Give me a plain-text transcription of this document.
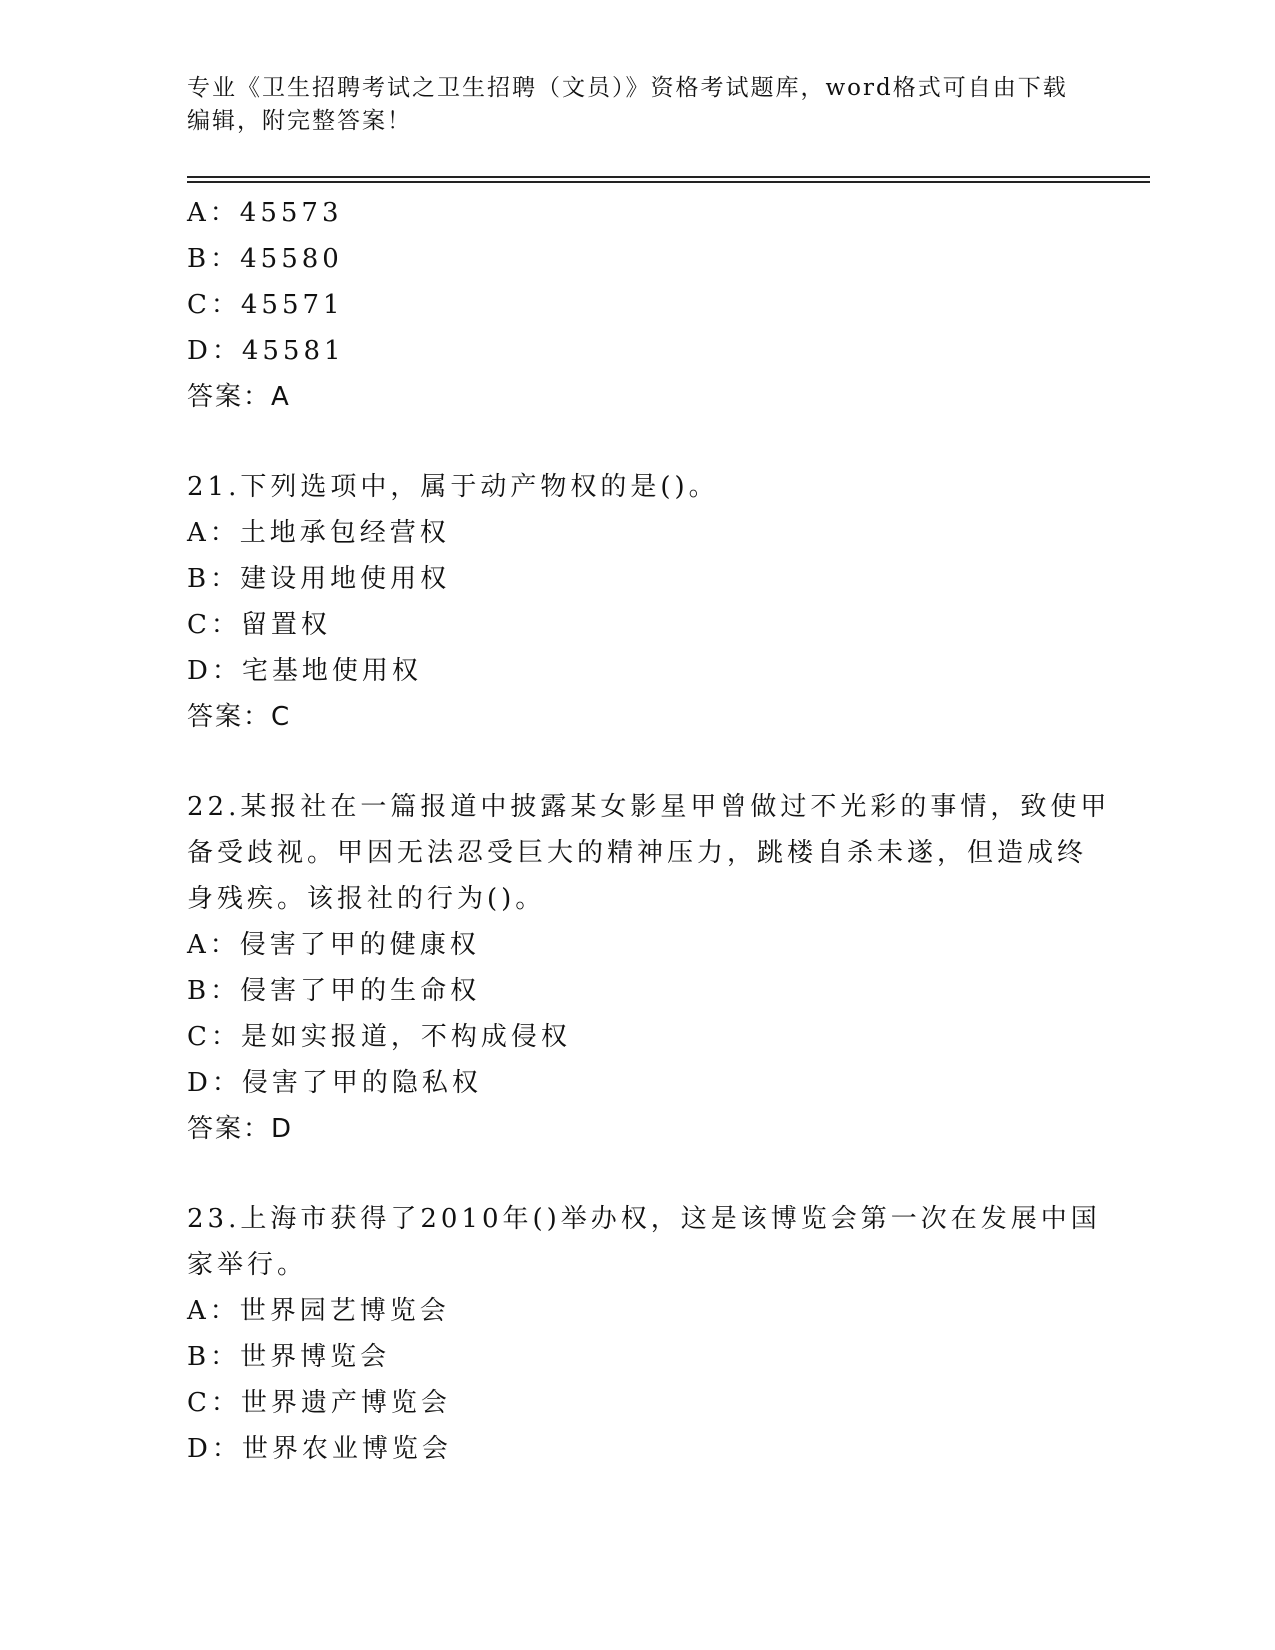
专业《卫生招聘考试之卫生招聘（文员）》资格考试题库，word格式可自由下载编辑，附完整答案！
A：45573
B：45580
C：45571
D：45581
答案：A
21.下列选项中，属于动产物权的是()。
A：土地承包经营权
B：建设用地使用权
C：留置权
D：宅基地使用权
答案：C
22.某报社在一篇报道中披露某女影星甲曾做过不光彩的事情，致使甲
备受歧视。甲因无法忍受巨大的精神压力，跳楼自杀未遂，但造成终
身残疾。该报社的行为()。
A：侵害了甲的健康权
B：侵害了甲的生命权
C：是如实报道，不构成侵权
D：侵害了甲的隐私权
答案：D
23.上海市获得了2010年()举办权，这是该博览会第一次在发展中国
家举行。
A：世界园艺博览会
B：世界博览会
C：世界遗产博览会
D：世界农业博览会
